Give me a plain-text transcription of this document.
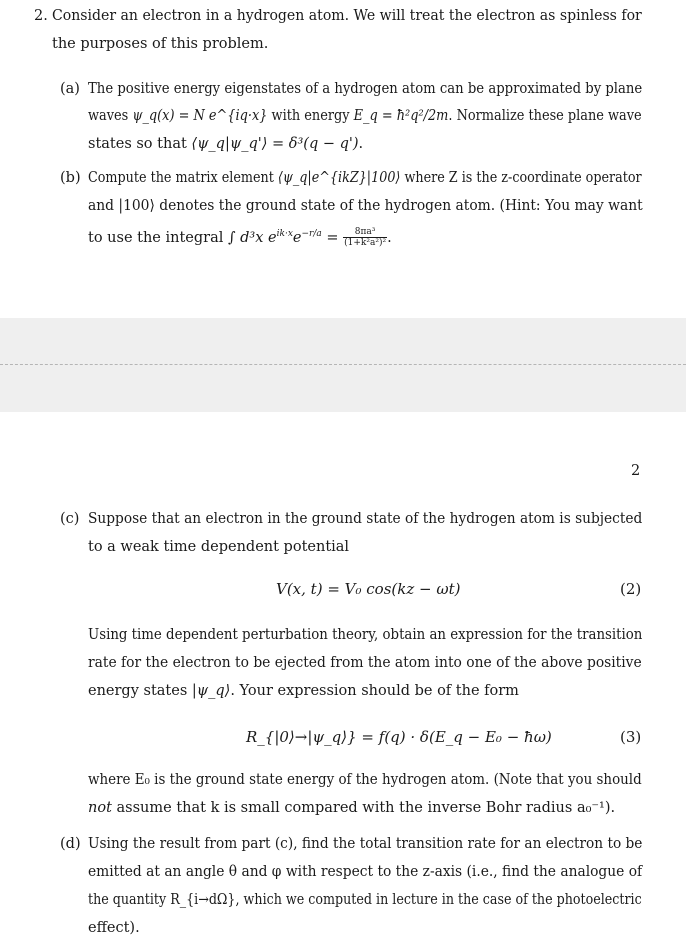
2. Consider an electron in a hydrogen atom. We will treat the electron as spinless for
the purposes of this problem.
(a) The positive energy eigenstates of a hydrogen atom can be approximated by plane
waves ψ_q(x) = N e^{iq·x} with energy E_q = ħ²q²/2m. Normalize these plane wave
states so that ⟨ψ_q|ψ_q'⟩ = δ³(q − q').
(b) Compute the matrix element ⟨ψ_q|e^{ikZ}|100⟩ where Z is the z-coordinate operator
and |100⟩ denotes the ground state of the hydrogen atom. (Hint: You may want
to use the integral ∫ d³x $e^{ik\cdot x}e^{-r/a} = \frac{\text{8πa³}}{\text{(1+k²a²)²}}$ .
2
(c) Suppose that an electron in the ground state of the hydrogen atom is subjected
to a weak time dependent potential
V(x, t) = V₀ cos(kz − ωt)	(2)
Using time dependent perturbation theory, obtain an expression for the transition
rate for the electron to be ejected from the atom into one of the above positive
energy states |ψ_q⟩. Your expression should be of the form
R_{|0⟩→|ψ_q⟩} = f(q) · δ(E_q − E₀ − ħω)	(3)
where E₀ is the ground state energy of the hydrogen atom. (Note that you should
not assume that k is small compared with the inverse Bohr radius a₀⁻¹).
(d) Using the result from part (c), find the total transition rate for an electron to be
emitted at an angle θ and φ with respect to the z-axis (i.e., find the analogue of
the quantity R_{i→dΩ}, which we computed in lecture in the case of the photoelectric
effect).
